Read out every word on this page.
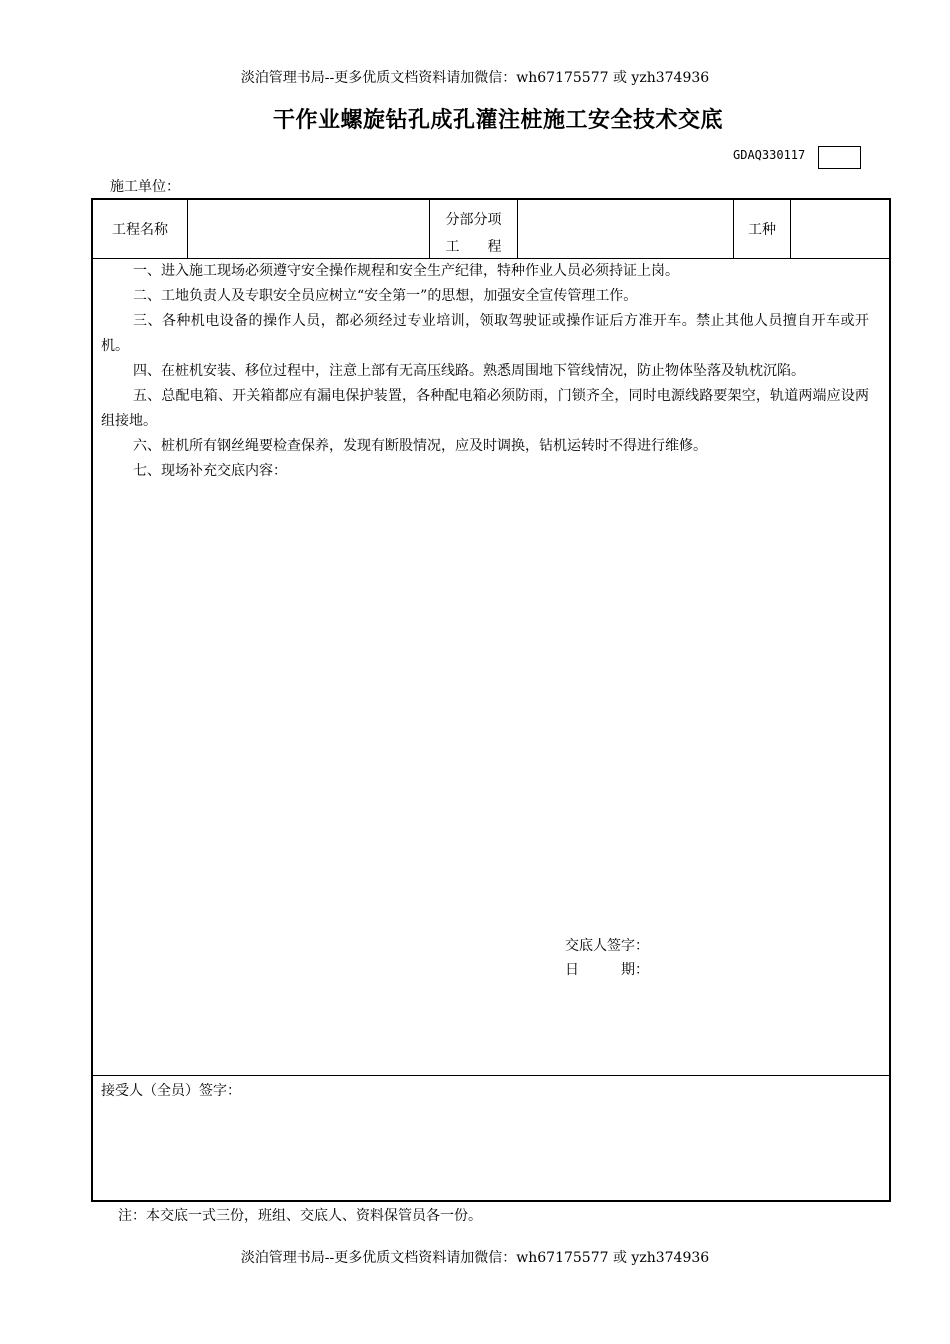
淡泊管理书局--更多优质文档资料请加微信：wh67175577 或 yzh374936
干作业螺旋钻孔成孔灌注桩施工安全技术交底
GDAQ330117
施工单位：
工程名称
分部分项
工　　程
工种

一、进入施工现场必须遵守安全操作规程和安全生产纪律，特种作业人员必须持证上岗。

二、工地负责人及专职安全员应树立“安全第一”的思想，加强安全宣传管理工作。

三、各种机电设备的操作人员，都必须经过专业培训，领取驾驶证或操作证后方准开车。禁止其他人员擅自开车或开机。

四、在桩机安装、移位过程中，注意上部有无高压线路。熟悉周围地下管线情况，防止物体坠落及轨枕沉陷。

五、总配电箱、开关箱都应有漏电保护装置，各种配电箱必须防雨，门锁齐全，同时电源线路要架空，轨道两端应设两组接地。

六、桩机所有钢丝绳要检查保养，发现有断股情况，应及时调换，钻机运转时不得进行维修。

七、现场补充交底内容：

交底人签字：
日　　　期：
接受人（全员）签字：
注：本交底一式三份，班组、交底人、资料保管员各一份。
淡泊管理书局--更多优质文档资料请加微信：wh67175577 或 yzh374936
